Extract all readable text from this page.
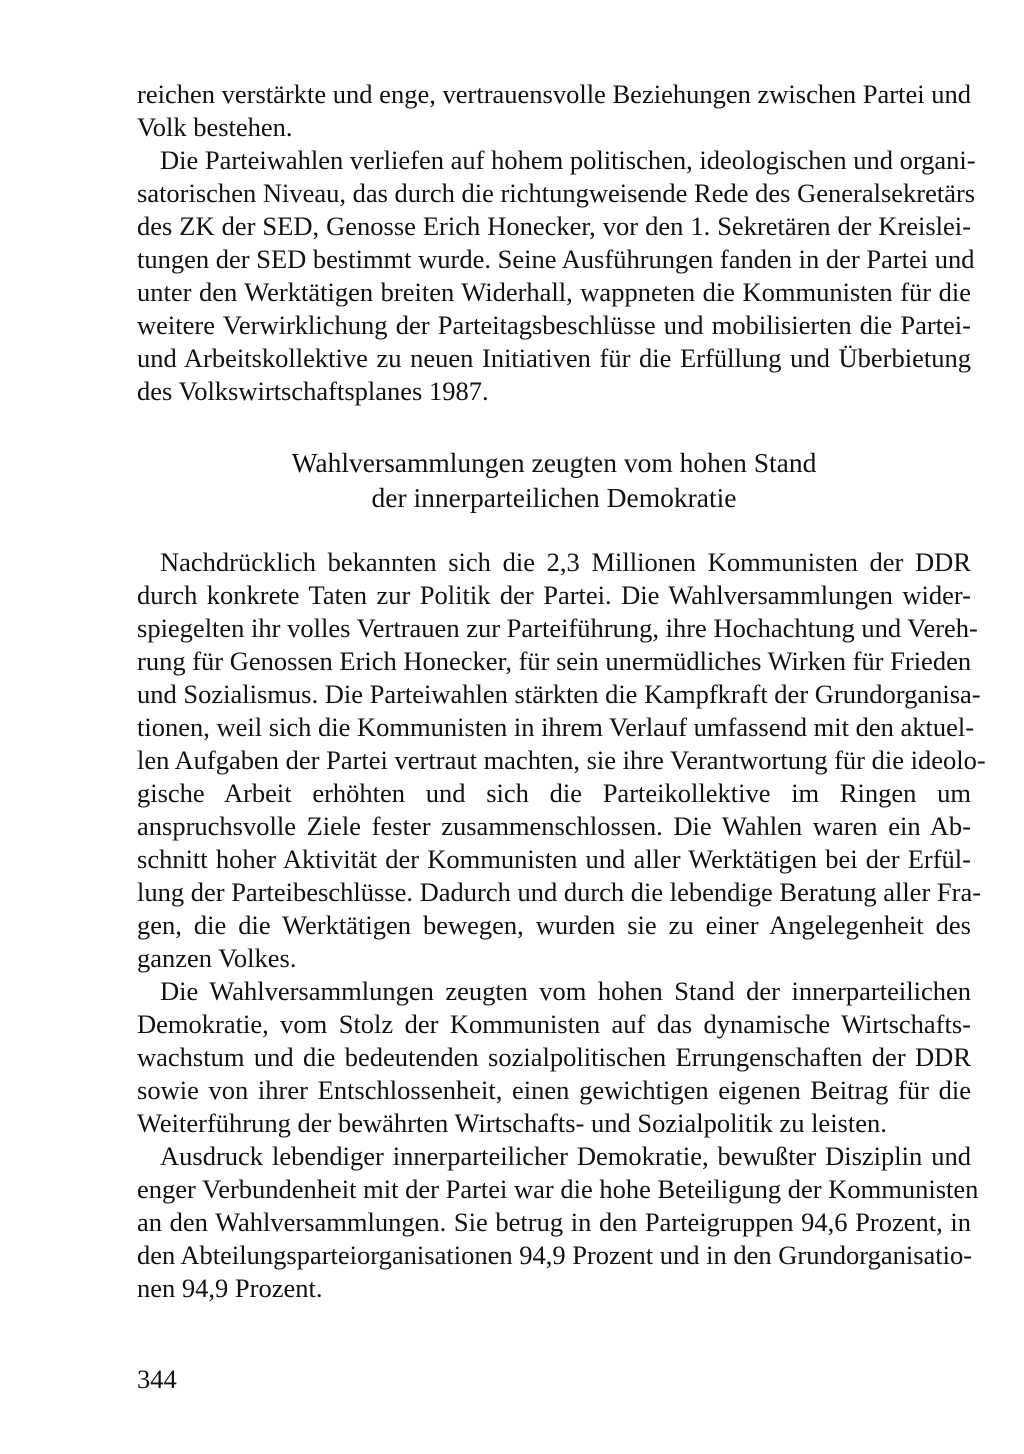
reichen verstärkte und enge, vertrauensvolle Beziehungen zwischen Partei und
Volk bestehen.
Die Parteiwahlen verliefen auf hohem politischen, ideologischen und organi-
satorischen Niveau, das durch die richtungweisende Rede des Generalsekretärs
des ZK der SED, Genosse Erich Honecker, vor den 1. Sekretären der Kreislei-
tungen der SED bestimmt wurde. Seine Ausführungen fanden in der Partei und
unter den Werktätigen breiten Widerhall, wappneten die Kommunisten für die
weitere Verwirklichung der Parteitagsbeschlüsse und mobilisierten die Partei-
und Arbeitskollektive zu neuen Initiativen für die Erfüllung und Überbietung
des Volkswirtschaftsplanes 1987.
Wahlversammlungen zeugten vom hohen Stand
der innerparteilichen Demokratie
Nachdrücklich bekannten sich die 2,3 Millionen Kommunisten der DDR
durch konkrete Taten zur Politik der Partei. Die Wahlversammlungen wider-
spiegelten ihr volles Vertrauen zur Parteiführung, ihre Hochachtung und Vereh-
rung für Genossen Erich Honecker, für sein unermüdliches Wirken für Frieden
und Sozialismus. Die Parteiwahlen stärkten die Kampfkraft der Grundorganisa-
tionen, weil sich die Kommunisten in ihrem Verlauf umfassend mit den aktuel-
len Aufgaben der Partei vertraut machten, sie ihre Verantwortung für die ideolo-
gische Arbeit erhöhten und sich die Parteikollektive im Ringen um
anspruchsvolle Ziele fester zusammenschlossen. Die Wahlen waren ein Ab-
schnitt hoher Aktivität der Kommunisten und aller Werktätigen bei der Erfül-
lung der Parteibeschlüsse. Dadurch und durch die lebendige Beratung aller Fra-
gen, die die Werktätigen bewegen, wurden sie zu einer Angelegenheit des
ganzen Volkes.
Die Wahlversammlungen zeugten vom hohen Stand der innerparteilichen
Demokratie, vom Stolz der Kommunisten auf das dynamische Wirtschafts-
wachstum und die bedeutenden sozialpolitischen Errungenschaften der DDR
sowie von ihrer Entschlossenheit, einen gewichtigen eigenen Beitrag für die
Weiterführung der bewährten Wirtschafts- und Sozialpolitik zu leisten.
Ausdruck lebendiger innerparteilicher Demokratie, bewußter Disziplin und
enger Verbundenheit mit der Partei war die hohe Beteiligung der Kommunisten
an den Wahlversammlungen. Sie betrug in den Parteigruppen 94,6 Prozent, in
den Abteilungsparteiorganisationen 94,9 Prozent und in den Grundorganisatio-
nen 94,9 Prozent.
344
